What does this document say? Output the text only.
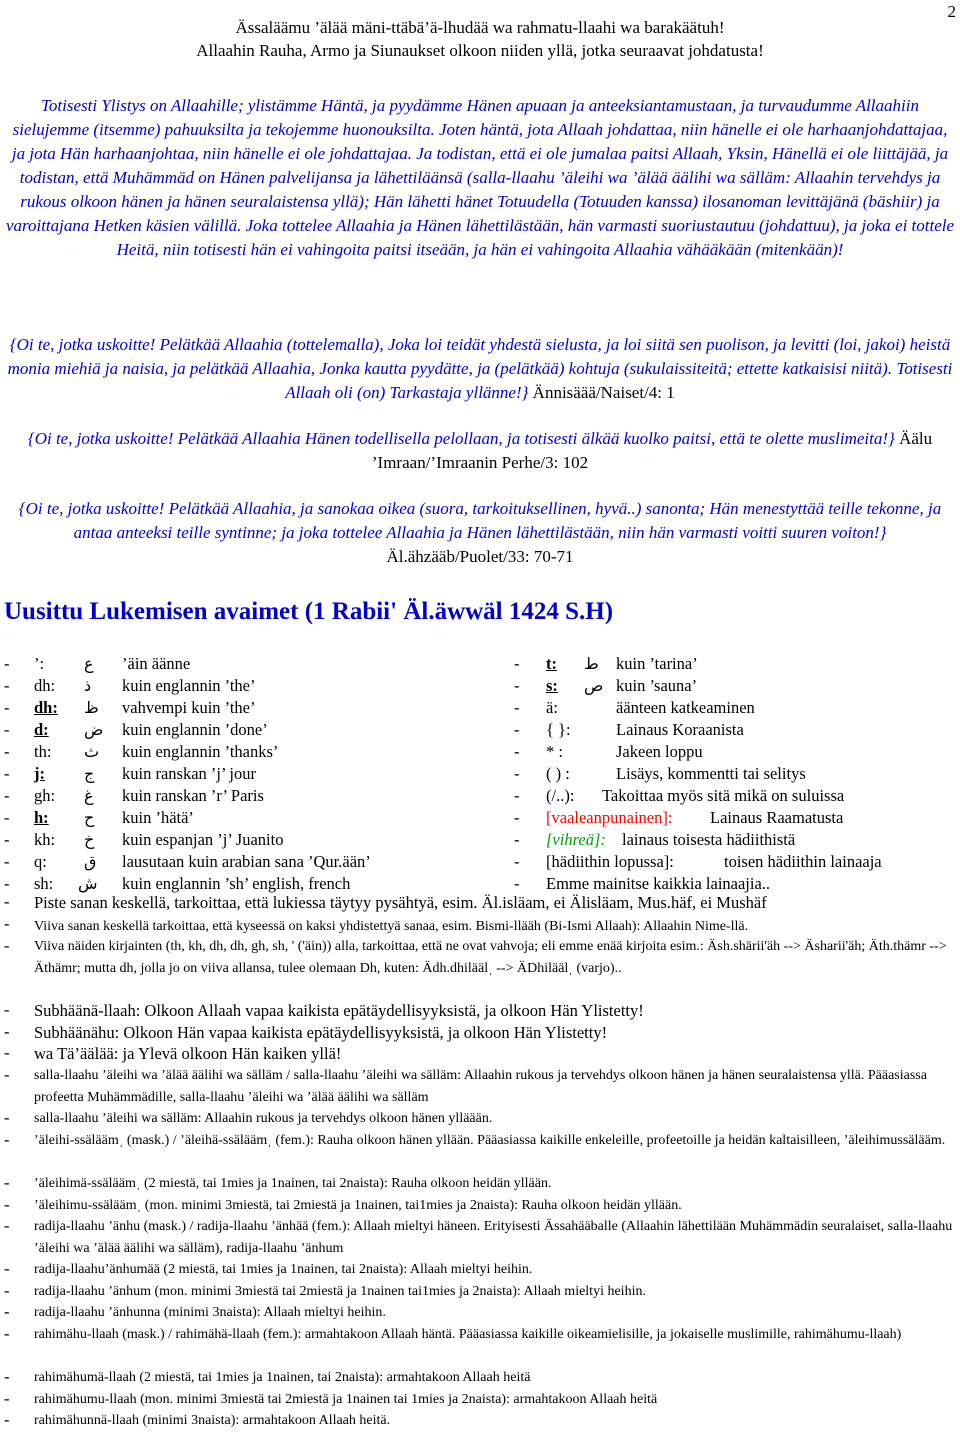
2
Ässaläämu ’älää mäni-ttäbä’ä-lhudää wa rahmatu-llaahi wa barakäätuh!
Allaahin Rauha, Armo ja Siunaukset olkoon niiden yllä, jotka seuraavat johdatusta!
Totisesti Ylistys on Allaahille; ylistämme Häntä, ja pyydämme Hänen apuaan ja anteeksiantamustaan, ja turvaudumme Allaahiin sielujemme (itsemme) pahuuksilta ja tekojemme huonouksilta. Joten häntä, jota Allaah johdattaa, niin hänelle ei ole harhaanjohdattajaa, ja jota Hän harhaanjohtaa, niin hänelle ei ole johdattajaa. Ja todistan, että ei ole jumalaa paitsi Allaah, Yksin, Hänellä ei ole liittäjää, ja todistan, että Muhämmäd on Hänen palvelijansa ja lähettiläänsä (salla-llaahu ’äleihi wa ’älää äälihi wa sälläm: Allaahin tervehdys ja rukous olkoon hänen ja hänen seuralaistensa yllä); Hän lähetti hänet Totuudella (Totuuden kanssa) ilosanoman levittäjänä (bäshiir) ja varoittajana Hetken käsien välillä. Joka tottelee Allaahia ja Hänen lähettilästään, hän varmasti suoriustautuu (johdattuu), ja joka ei tottele Heitä, niin totisesti hän ei vahingoita paitsi itseään, ja hän ei vahingoita Allaahia vähääkään (mitenkään)!
{Oi te, jotka uskoitte! Pelätkää Allaahia (tottelemalla), Joka loi teidät yhdestä sielusta, ja loi siitä sen puolison, ja levitti (loi, jakoi) heistä monia miehiä ja naisia, ja pelätkää Allaahia, Jonka kautta pyydätte, ja (pelätkää) kohtuja (sukulaissiteitä; ettette katkaisisi niitä). Totisesti Allaah oli (on) Tarkastaja yllänne!} Ännisäää/Naiset/4: 1
{Oi te, jotka uskoitte! Pelätkää Allaahia Hänen todellisella pelollaan, ja totisesti älkää kuolko paitsi, että te olette muslimeita!} Äälu ’Imraan/’Imraanin Perhe/3: 102
{Oi te, jotka uskoitte! Pelätkää Allaahia, ja sanokaa oikea (suora, tarkoituksellinen, hyvä..) sanonta; Hän menestyttää teille tekonne, ja antaa anteeksi teille syntinne; ja joka tottelee Allaahia ja Hänen lähettilästään, niin hän varmasti voitti suuren voiton!} Äl.ähzääb/Puolet/33: 70-71
Uusittu Lukemisen avaimet (1 Rabii' Äl.äwwäl 1424 S.H)
- ’: ع ’äin äänne	- t: ط kuin ’tarina’
- dh: ذ kuin englannin ’the’	- s: ص kuin ’sauna’
- dh: ظ vahvempi kuin ’the’	- ä:	äänteen katkeaminen
- d: ض kuin englannin ’done’	- { }:	Lainaus Koraanista
- th: ث kuin englannin ’thanks’	- * :	Jakeen loppu
- j: ج kuin ranskan ’j’ jour	- ( ) :	Lisäys, kommentti tai selitys
- gh: غ kuin ranskan ’r’ Paris	- (/..): Takoittaa myös sitä mikä on suluissa
- h: ح kuin ’hätä’	- [vaaleanpunainen]: Lainaus Raamatusta
- kh: خ kuin espanjan ’j’ Juanito	- [vihreä]: lainaus toisesta hädiithistä
- q: ق lausutaan kuin arabian sana ’Qur.ään’	- [hädiithin lopussa]:	toisen hädiithin lainaaja
- sh: ش kuin englannin ’sh’ english, french	- Emme mainitse kaikkia lainaajia..
- Piste sanan keskellä, tarkoittaa, että lukiessa täytyy pysähtyä, esim. Äl.isläam, ei Älisläam, Mus.häf, ei Mushäf
- Viiva sanan keskellä tarkoittaa, että kyseessä on kaksi yhdistettyä sanaa, esim. Bismi-llääh (Bi-Ismi Allaah): Allaahin Nime-llä.
- Viiva näiden kirjainten (th, kh, dh, dh, gh, sh, ' ('äin)) alla, tarkoittaa, että ne ovat vahvoja; eli emme enää kirjoita esim.: Äsh.shärii'äh --> Äsharii'äh; Äth.thämr --> Äthämr; mutta dh, jolla jo on viiva allansa, tulee olemaan Dh, kuten: Ädh.dhiläälˌ --> ÄDhiläälˌ (varjo)..
- Subhäänä-llaah: Olkoon Allaah vapaa kaikista epätäydellisyyksistä, ja olkoon Hän Ylistetty!
- Subhäänähu: Olkoon Hän vapaa kaikista epätäydellisyyksistä, ja olkoon Hän Ylistetty!
- wa Tä’äälää: ja Ylevä olkoon Hän kaiken yllä!
- salla-llaahu ’äleihi wa ’älää äälihi wa sälläm / salla-llaahu ’äleihi wa sälläm: Allaahin rukous ja tervehdys olkoon hänen ja hänen seuralaistensa yllä. Pääasiassa profeetta Muhämmädille, salla-llaahu ’äleihi wa ’älää äälihi wa sälläm
- salla-llaahu ’äleihi wa sälläm: Allaahin rukous ja tervehdys olkoon hänen ylläään.
- ’äleihi-ssäläämˌ (mask.) / ’äleihä-ssäläämˌ (fem.): Rauha olkoon hänen yllään. Pääasiassa kaikille enkeleille, profeetoille ja heidän kaltaisilleen, ’äleihimussälääm.
- ’äleihimä-ssäläämˌ (2 miestä, tai 1mies ja 1nainen, tai 2naista): Rauha olkoon heidän yllään.
- ’äleihimu-ssäläämˌ (mon. minimi 3miestä, tai 2miestä ja 1nainen, tai1mies ja 2naista): Rauha olkoon heidän yllään.
- radija-llaahu ’änhu (mask.) / radija-llaahu ’änhää (fem.): Allaah mieltyi häneen. Erityisesti Ässahääballe (Allaahin lähettilään Muhämmädin seuralaiset, salla-llaahu ’äleihi wa ’älää äälihi wa sälläm), radija-llaahu ’änhum
- radija-llaahu’änhumää (2 miestä, tai 1mies ja 1nainen, tai 2naista): Allaah mieltyi heihin.
- radija-llaahu ’änhum (mon. minimi 3miestä tai 2miestä ja 1nainen tai1mies ja 2naista): Allaah mieltyi heihin.
- radija-llaahu ’änhunna (minimi 3naista): Allaah mieltyi heihin.
- rahimähu-llaah (mask.) / rahimähä-llaah (fem.): armahtakoon Allaah häntä. Pääasiassa kaikille oikeamielisille, ja jokaiselle muslimille, rahimähumu-llaah)
- rahimähumä-llaah (2 miestä, tai 1mies ja 1nainen, tai 2naista): armahtakoon Allaah heitä
- rahimähumu-llaah (mon. minimi 3miestä tai 2miestä ja 1nainen tai 1mies ja 2naista): armahtakoon Allaah heitä
- rahimähunnä-llaah (minimi 3naista): armahtakoon Allaah heitä.
